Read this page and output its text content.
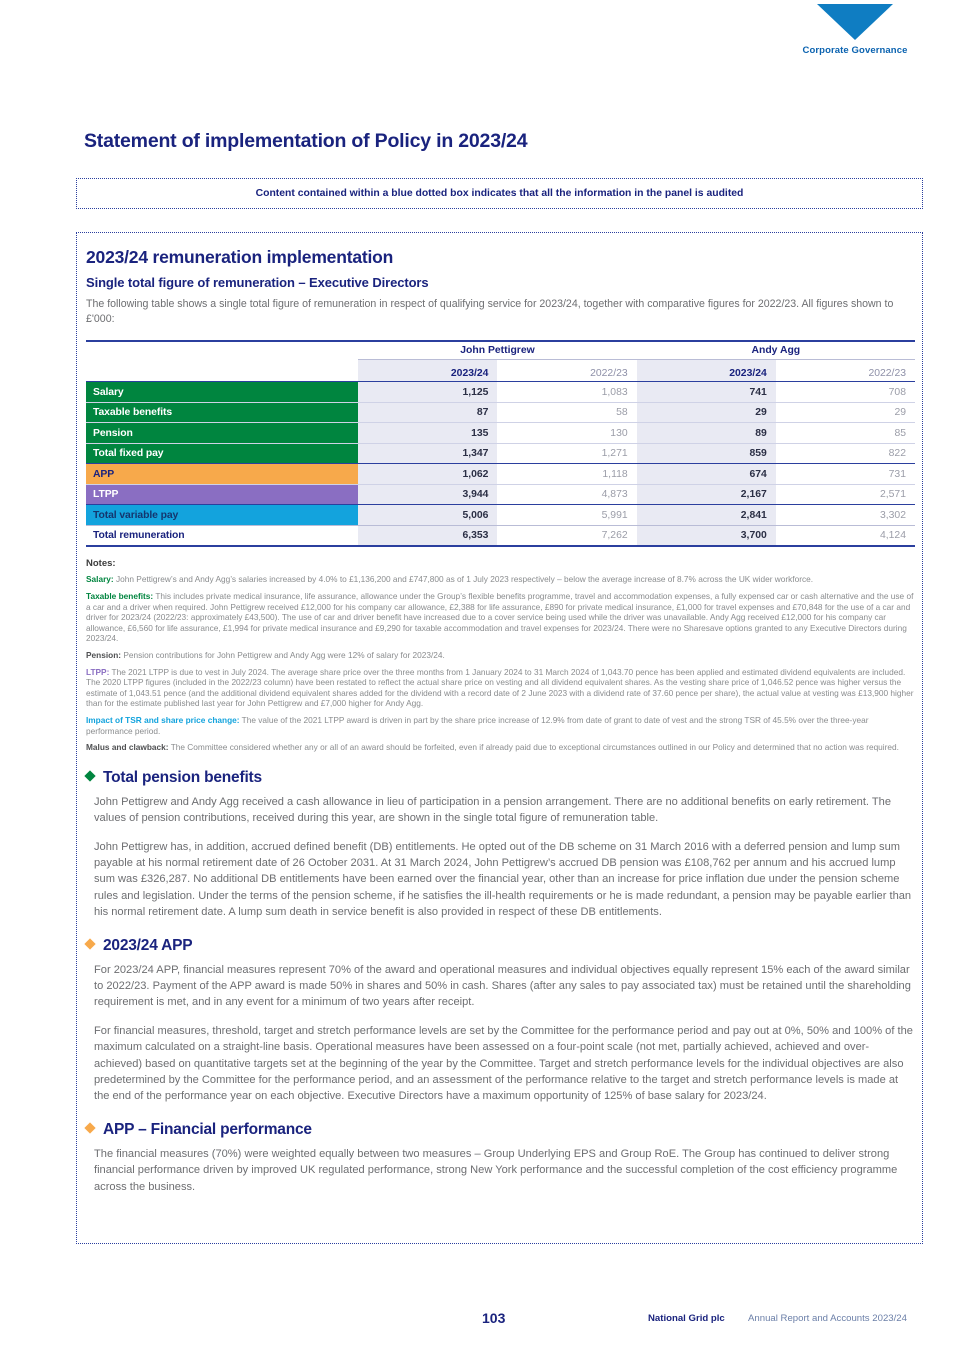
Corporate Governance
Statement of implementation of Policy in 2023/24
Content contained within a blue dotted box indicates that all the information in the panel is audited
2023/24 remuneration implementation
Single total figure of remuneration – Executive Directors

The following table shows a single total figure of remuneration in respect of qualifying service for 2023/24, together with comparative figures for 2022/23. All figures shown to £'000:

	John Pettigrew		Andy Agg	
	2023/24	2022/23	2023/24	2022/23
Salary	1,125	1,083	741	708
Taxable benefits	87	58	29	29
Pension	135	130	89	85
Total fixed pay	1,347	1,271	859	822
APP	1,062	1,118	674	731
LTPP	3,944	4,873	2,167	2,571
Total variable pay	5,006	5,991	2,841	3,302
Total remuneration	6,353	7,262	3,700	4,124
Notes:
Salary: John Pettigrew’s and Andy Agg’s salaries increased by 4.0% to £1,136,200 and £747,800 as of 1 July 2023 respectively – below the average increase of 8.7% across the UK wider workforce.
Taxable benefits: This includes private medical insurance, life assurance, allowance under the Group’s flexible benefits programme, travel and accommodation expenses, a fully expensed car or cash alternative and the use of a car and a driver when required. John Pettigrew received £12,000 for his company car allowance, £2,388 for life assurance, £890 for private medical insurance, £1,000 for travel expenses and £70,848 for the use of a car and driver for 2023/24 (2022/23: approximately £43,500). The use of car and driver benefit have increased due to a cover service being used while the driver was unavailable. Andy Agg received £12,000 for his company car allowance, £6,560 for life assurance, £1,994 for private medical insurance and £9,290 for taxable accommodation and travel expenses for 2023/24. There were no Sharesave options granted to any Executive Directors during 2023/24.
Pension: Pension contributions for John Pettigrew and Andy Agg were 12% of salary for 2023/24.
LTPP: The 2021 LTPP is due to vest in July 2024. The average share price over the three months from 1 January 2024 to 31 March 2024 of 1,043.70 pence has been applied and estimated dividend equivalents are included. The 2020 LTPP figures (included in the 2022/23 column) have been restated to reflect the actual share price on vesting and all dividend equivalent shares. As the vesting share price of 1,046.52 pence was higher versus the estimate of 1,043.51 pence (and the additional dividend equivalent shares added for the dividend with a record date of 2 June 2023 with a dividend rate of 37.60 pence per share), the actual value at vesting was £13,900 higher than for the estimate published last year for John Pettigrew and £7,000 higher for Andy Agg.
Impact of TSR and share price change: The value of the 2021 LTPP award is driven in part by the share price increase of 12.9% from date of grant to date of vest and the strong TSR of 45.5% over the three-year performance period.
Malus and clawback: The Committee considered whether any or all of an award should be forfeited, even if already paid due to exceptional circumstances outlined in our Policy and determined that no action was required.
Total pension benefits

John Pettigrew and Andy Agg received a cash allowance in lieu of participation in a pension arrangement. There are no additional benefits on early retirement. The values of pension contributions, received during this year, are shown in the single total figure of remuneration table.

John Pettigrew has, in addition, accrued defined benefit (DB) entitlements. He opted out of the DB scheme on 31 March 2016 with a deferred pension and lump sum payable at his normal retirement date of 26 October 2031. At 31 March 2024, John Pettigrew’s accrued DB pension was £108,762 per annum and his accrued lump sum was £326,287. No additional DB entitlements have been earned over the financial year, other than an increase for price inflation due under the pension scheme rules and legislation. Under the terms of the pension scheme, if he satisfies the ill-health requirements or he is made redundant, a pension may be payable earlier than his normal retirement date. A lump sum death in service benefit is also provided in respect of these DB entitlements.

2023/24 APP

For 2023/24 APP, financial measures represent 70% of the award and operational measures and individual objectives equally represent 15% each of the award similar to 2022/23. Payment of the APP award is made 50% in shares and 50% in cash. Shares (after any sales to pay associated tax) must be retained until the shareholding requirement is met, and in any event for a minimum of two years after receipt.

For financial measures, threshold, target and stretch performance levels are set by the Committee for the performance period and pay out at 0%, 50% and 100% of the maximum calculated on a straight-line basis. Operational measures have been assessed on a four-point scale (not met, partially achieved, achieved and over-achieved) based on quantitative targets set at the beginning of the year by the Committee. Target and stretch performance levels for the individual objectives are also predetermined by the Committee for the performance period, and an assessment of the performance relative to the target and stretch performance levels is made at the end of the performance year on each objective. Executive Directors have a maximum opportunity of 125% of base salary for 2023/24.

APP – Financial performance

The financial measures (70%) were weighted equally between two measures – Group Underlying EPS and Group RoE. The Group has continued to deliver strong financial performance driven by improved UK regulated performance, strong New York performance and the successful completion of the cost efficiency programme across the business.

103	National Grid plc Annual Report and Accounts 2023/24
